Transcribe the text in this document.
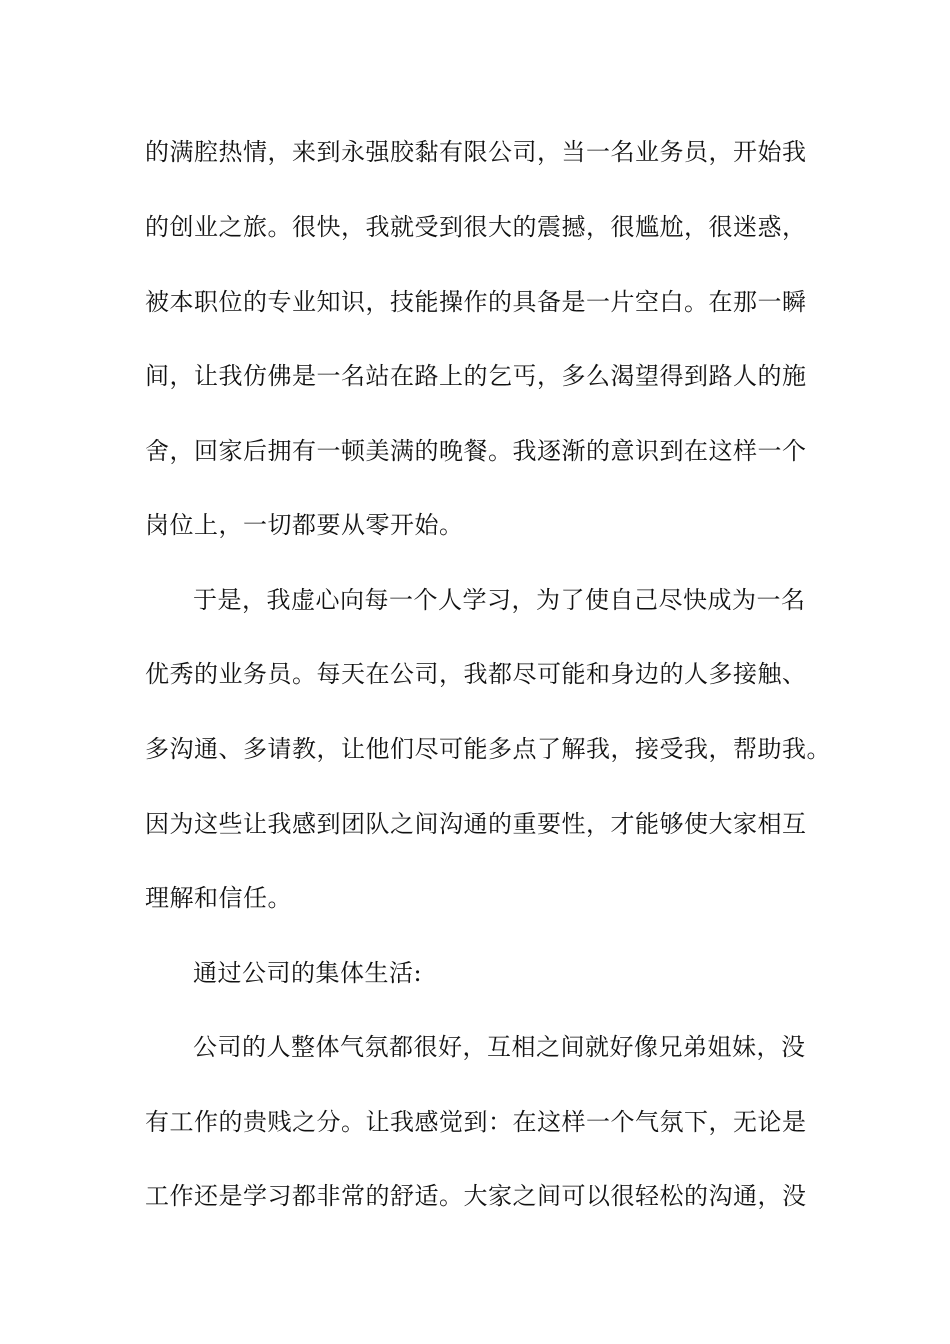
的满腔热情，来到永强胶黏有限公司，当一名业务员，开始我
的创业之旅。很快，我就受到很大的震撼，很尴尬，很迷惑，
被本职位的专业知识，技能操作的具备是一片空白。在那一瞬
间，让我仿佛是一名站在路上的乞丐，多么渴望得到路人的施
舍，回家后拥有一顿美满的晚餐。我逐渐的意识到在这样一个
岗位上，一切都要从零开始。
于是，我虚心向每一个人学习，为了使自己尽快成为一名
优秀的业务员。每天在公司，我都尽可能和身边的人多接触、
多沟通、多请教，让他们尽可能多点了解我，接受我，帮助我。
因为这些让我感到团队之间沟通的重要性，才能够使大家相互
理解和信任。
通过公司的集体生活:
公司的人整体气氛都很好，互相之间就好像兄弟姐妹，没
有工作的贵贱之分。让我感觉到：在这样一个气氛下，无论是
工作还是学习都非常的舒适。大家之间可以很轻松的沟通，没
